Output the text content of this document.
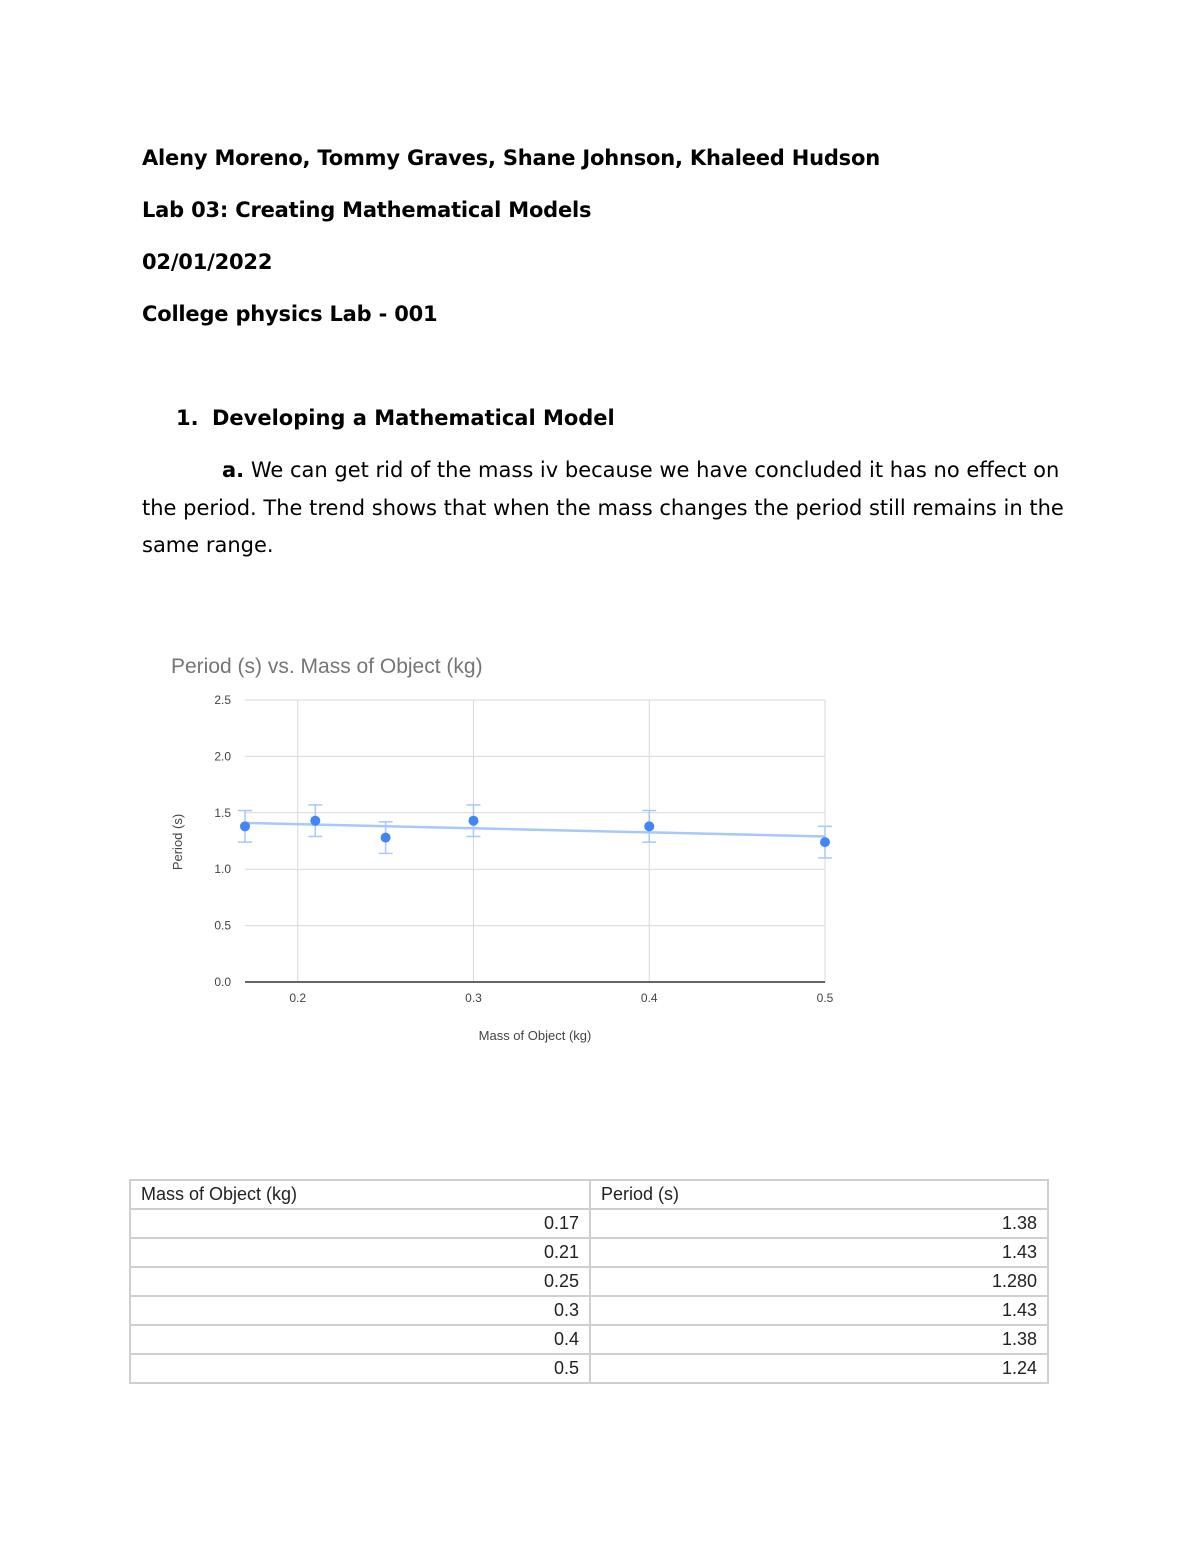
Aleny Moreno, Tommy Graves, Shane Johnson, Khaleed Hudson

Lab 03: Creating Mathematical Models

02/01/2022

College physics Lab - 001

1. Developing a Mathematical Model

a. We can get rid of the mass iv because we have concluded it has no effect on the period. The trend shows that when the mass changes the period still remains in the same range.

Period (s) vs. Mass of Object (kg)
0.0
0.5
1.0
1.5
2.0
2.5
0.2	0.3	0.4	0.5
Mass of Object (kg)
Period (s)
Mass of Object (kg)	Period (s)
0.17	1.38
0.21	1.43
0.25	1.280
0.3	1.43
0.4	1.38
0.5	1.24
